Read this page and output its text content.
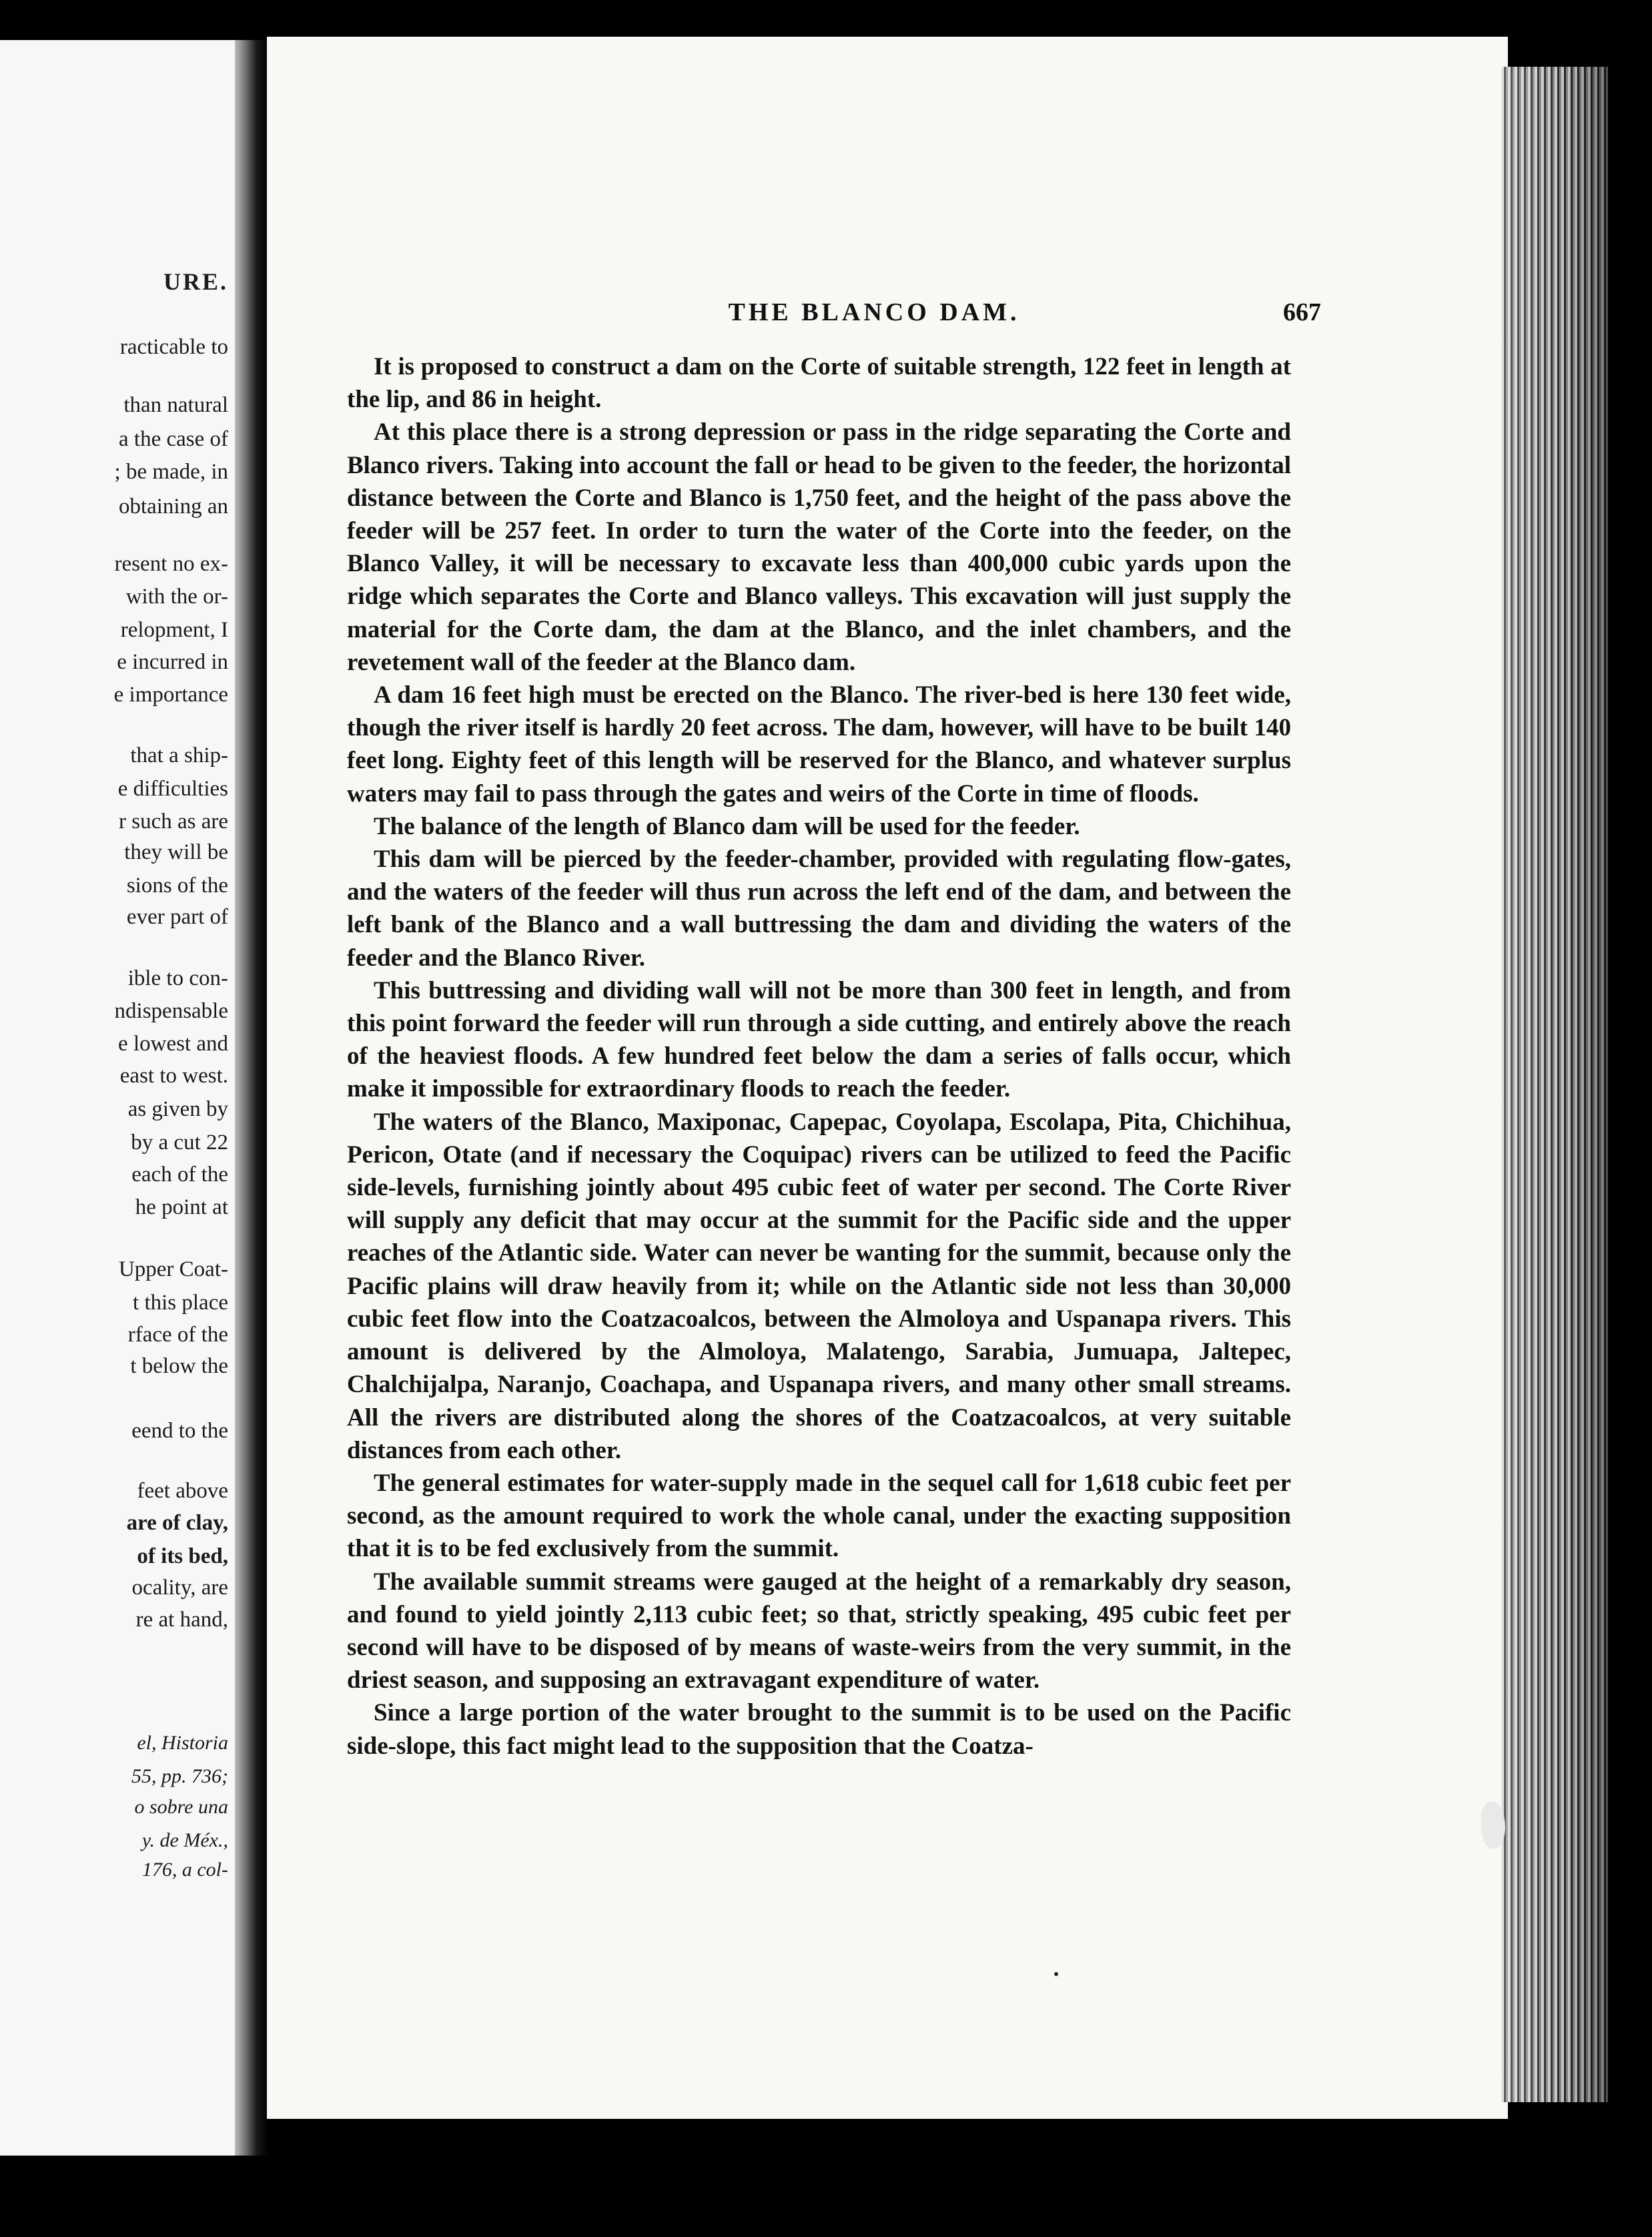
URE.
racticable to
than natural
a the case of
; be made, in
obtaining an
resent no ex-
with the or-
relopment, I
e incurred in
e importance
that a ship-
e difficulties
r such as are
they will be
sions of the
ever part of
ible to con-
ndispensable
e lowest and
east to west.
as given by
by a cut 22
each of the
he point at
Upper Coat-
t this place
rface of the
t below the
eend to the
feet above
are of clay,
of its bed,
ocality, are
re at hand,
el, Historia
55, pp. 736;
o sobre una
y. de Méx.,
176, a col-
THE BLANCO DAM.	667

It is proposed to construct a dam on the Corte of suitable strength, 122 feet in length at the lip, and 86 in height.

At this place there is a strong depression or pass in the ridge separating the Corte and Blanco rivers. Taking into account the fall or head to be given to the feeder, the horizontal distance between the Corte and Blanco is 1,750 feet, and the height of the pass above the feeder will be 257 feet. In order to turn the water of the Corte into the feeder, on the Blanco Valley, it will be necessary to excavate less than 400,000 cubic yards upon the ridge which separates the Corte and Blanco valleys. This excavation will just supply the material for the Corte dam, the dam at the Blanco, and the inlet chambers, and the revetement wall of the feeder at the Blanco dam.

A dam 16 feet high must be erected on the Blanco. The river-bed is here 130 feet wide, though the river itself is hardly 20 feet across. The dam, however, will have to be built 140 feet long. Eighty feet of this length will be reserved for the Blanco, and whatever surplus waters may fail to pass through the gates and weirs of the Corte in time of floods.

The balance of the length of Blanco dam will be used for the feeder.

This dam will be pierced by the feeder-chamber, provided with regulating flow-gates, and the waters of the feeder will thus run across the left end of the dam, and between the left bank of the Blanco and a wall buttressing the dam and dividing the waters of the feeder and the Blanco River.

This buttressing and dividing wall will not be more than 300 feet in length, and from this point forward the feeder will run through a side cutting, and entirely above the reach of the heaviest floods. A few hundred feet below the dam a series of falls occur, which make it impossible for extraordinary floods to reach the feeder.

The waters of the Blanco, Maxiponac, Capepac, Coyolapa, Escolapa, Pita, Chichihua, Pericon, Otate (and if necessary the Coquipac) rivers can be utilized to feed the Pacific side-levels, furnishing jointly about 495 cubic feet of water per second. The Corte River will supply any deficit that may occur at the summit for the Pacific side and the upper reaches of the Atlantic side. Water can never be wanting for the summit, because only the Pacific plains will draw heavily from it; while on the Atlantic side not less than 30,000 cubic feet flow into the Coatzacoalcos, between the Almoloya and Uspanapa rivers. This amount is delivered by the Almoloya, Malatengo, Sarabia, Jumuapa, Jaltepec, Chalchijalpa, Naranjo, Coachapa, and Uspanapa rivers, and many other small streams. All the rivers are distributed along the shores of the Coatzacoalcos, at very suitable distances from each other.

The general estimates for water-supply made in the sequel call for 1,618 cubic feet per second, as the amount required to work the whole canal, under the exacting supposition that it is to be fed exclusively from the summit.

The available summit streams were gauged at the height of a remarkably dry season, and found to yield jointly 2,113 cubic feet; so that, strictly speaking, 495 cubic feet per second will have to be disposed of by means of waste-weirs from the very summit, in the driest season, and supposing an extravagant expenditure of water.

Since a large portion of the water brought to the summit is to be used on the Pacific side-slope, this fact might lead to the supposition that the Coatza-
